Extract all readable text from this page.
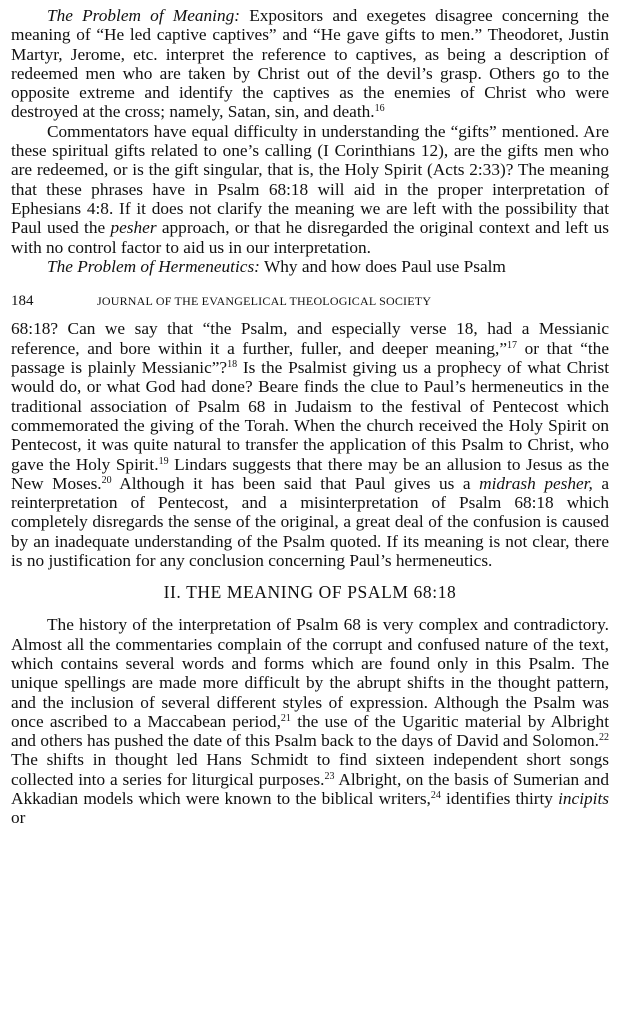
The Problem of Meaning: Expositors and exegetes disagree concerning the meaning of “He led captive captives” and “He gave gifts to men.” Theodoret, Justin Martyr, Jerome, etc. interpret the reference to captives, as being a description of redeemed men who are taken by Christ out of the devil’s grasp. Others go to the opposite extreme and identify the captives as the enemies of Christ who were destroyed at the cross; namely, Satan, sin, and death.$^{16}$

Commentators have equal difficulty in understanding the “gifts” mentioned. Are these spiritual gifts related to one’s calling (I Corinthians 12), are the gifts men who are redeemed, or is the gift singular, that is, the Holy Spirit (Acts 2:33)? The meaning that these phrases have in Psalm 68:18 will aid in the proper interpretation of Ephesians 4:8. If it does not clarify the meaning we are left with the possibility that Paul used the pesher approach, or that he disregarded the original context and left us with no control factor to aid us in our interpretation.

The Problem of Hermeneutics: Why and how does Paul use Psalm

184	JOURNAL OF THE EVANGELICAL THEOLOGICAL SOCIETY

68:18? Can we say that “the Psalm, and especially verse 18, had a Messianic reference, and bore within it a further, fuller, and deeper meaning,”$^{17}$ or that “the passage is plainly Messianic”?$^{18}$ Is the Psalmist giving us a prophecy of what Christ would do, or what God had done? Beare finds the clue to Paul’s hermeneutics in the traditional association of Psalm 68 in Judaism to the festival of Pentecost which commemorated the giving of the Torah. When the church received the Holy Spirit on Pentecost, it was quite natural to transfer the application of this Psalm to Christ, who gave the Holy Spirit.$^{19}$ Lindars suggests that there may be an allusion to Jesus as the New Moses.$^{20}$ Although it has been said that Paul gives us a midrash pesher, a reinterpretation of Pentecost, and a misinterpretation of Psalm 68:18 which completely disregards the sense of the original, a great deal of the confusion is caused by an inadequate understanding of the Psalm quoted. If its meaning is not clear, there is no justification for any conclusion concerning Paul’s hermeneutics.

II. THE MEANING OF PSALM 68:18

The history of the interpretation of Psalm 68 is very complex and contradictory. Almost all the commentaries complain of the corrupt and confused nature of the text, which contains several words and forms which are found only in this Psalm. The unique spellings are made more difficult by the abrupt shifts in the thought pattern, and the inclusion of several different styles of expression. Although the Psalm was once ascribed to a Maccabean period,$^{21}$ the use of the Ugaritic material by Albright and others has pushed the date of this Psalm back to the days of David and Solomon.$^{22}$ The shifts in thought led Hans Schmidt to find sixteen independent short songs collected into a series for liturgical purposes.$^{23}$ Albright, on the basis of Sumerian and Akkadian models which were known to the biblical writers,$^{24}$ identifies thirty incipits or
